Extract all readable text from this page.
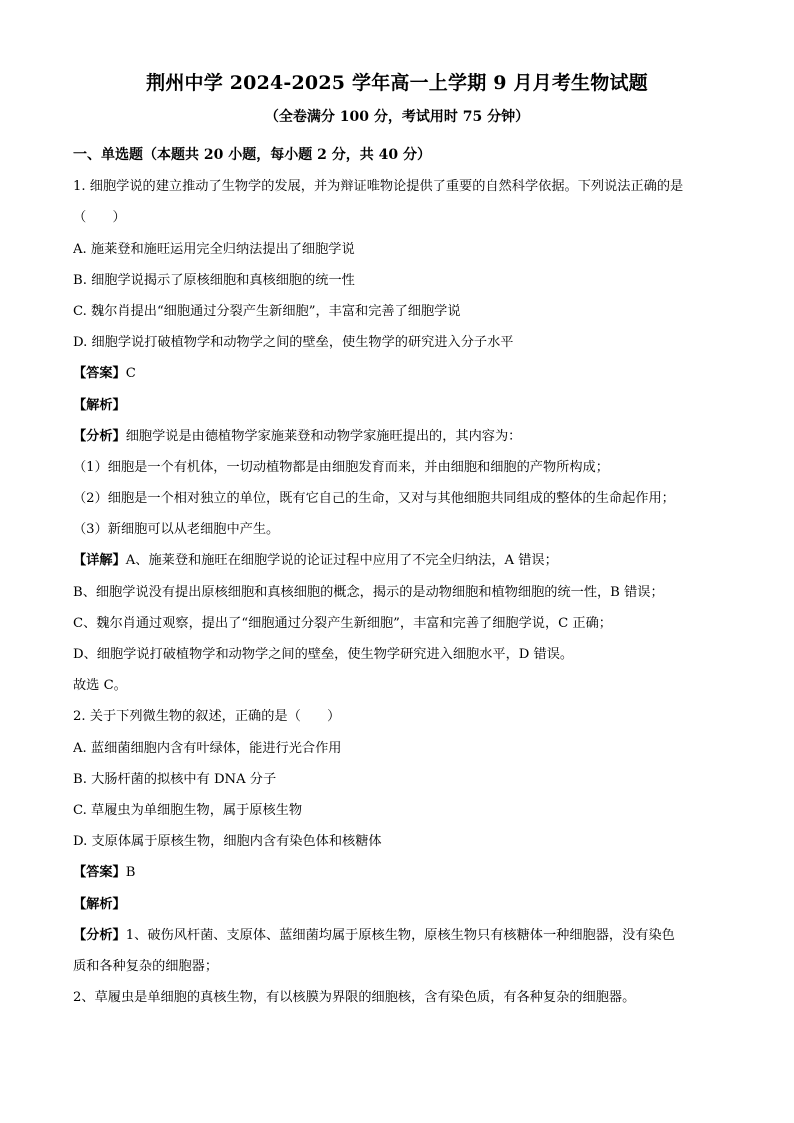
荆州中学 2024-2025 学年高一上学期 9 月月考生物试题
（全卷满分 100 分，考试用时 75 分钟）
一、单选题（本题共 20 小题，每小题 2 分，共 40 分）
1. 细胞学说的建立推动了生物学的发展，并为辩证唯物论提供了重要的自然科学依据。下列说法正确的是
（　　）
A. 施莱登和施旺运用完全归纳法提出了细胞学说
B. 细胞学说揭示了原核细胞和真核细胞的统一性
C. 魏尔肖提出“细胞通过分裂产生新细胞”，丰富和完善了细胞学说
D. 细胞学说打破植物学和动物学之间的壁垒，使生物学的研究进入分子水平
【答案】C
【解析】
【分析】细胞学说是由德植物学家施莱登和动物学家施旺提出的，其内容为：
（1）细胞是一个有机体，一切动植物都是由细胞发育而来，并由细胞和细胞的产物所构成；
（2）细胞是一个相对独立的单位，既有它自己的生命，又对与其他细胞共同组成的整体的生命起作用；
（3）新细胞可以从老细胞中产生。
【详解】A、施莱登和施旺在细胞学说的论证过程中应用了不完全归纳法，A 错误；
B、细胞学说没有提出原核细胞和真核细胞的概念，揭示的是动物细胞和植物细胞的统一性，B 错误；
C、魏尔肖通过观察，提出了“细胞通过分裂产生新细胞”，丰富和完善了细胞学说，C 正确；
D、细胞学说打破植物学和动物学之间的壁垒，使生物学研究进入细胞水平，D 错误。
故选 C。
2. 关于下列微生物的叙述，正确的是（　　）
A. 蓝细菌细胞内含有叶绿体，能进行光合作用
B. 大肠杆菌的拟核中有 DNA 分子
C. 草履虫为单细胞生物，属于原核生物
D. 支原体属于原核生物，细胞内含有染色体和核糖体
【答案】B
【解析】
【分析】1、破伤风杆菌、支原体、蓝细菌均属于原核生物，原核生物只有核糖体一种细胞器，没有染色
质和各种复杂的细胞器；
2、草履虫是单细胞的真核生物，有以核膜为界限的细胞核，含有染色质，有各种复杂的细胞器。
